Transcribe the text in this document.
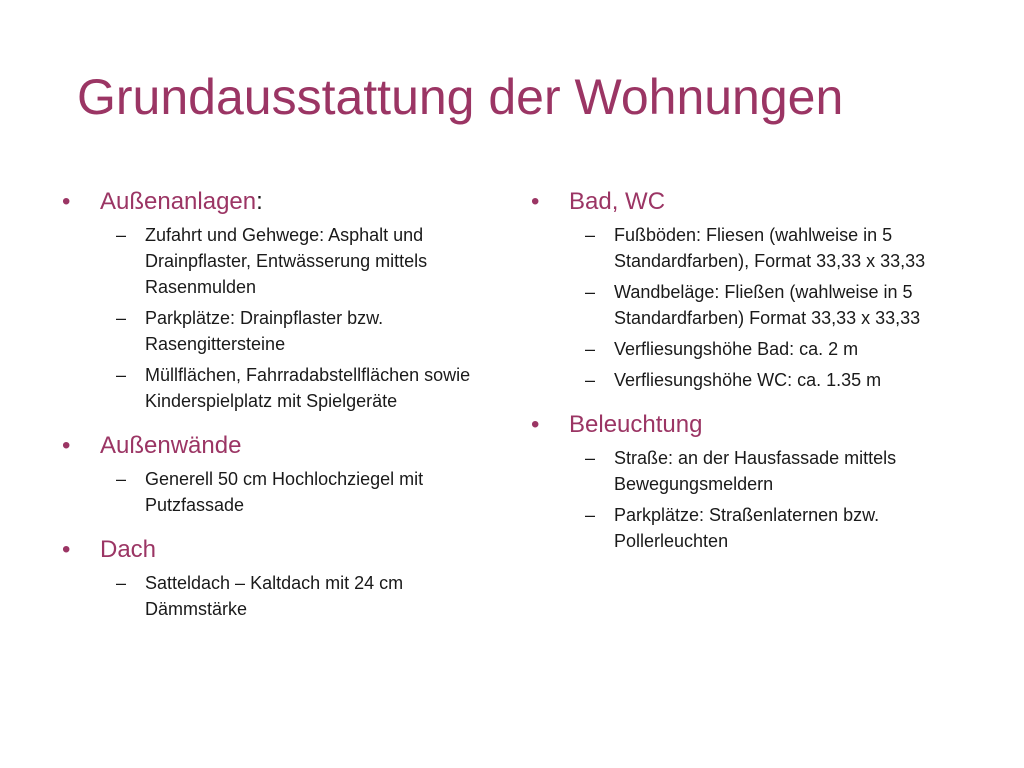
Grundausstattung der Wohnungen
• Außenanlagen:
– Zufahrt und Gehwege: Asphalt und Drainpflaster, Entwässerung mittels Rasenmulden
– Parkplätze: Drainpflaster bzw. Rasengittersteine
– Müllflächen, Fahrradabstellflächen sowie Kinderspielplatz mit Spielgeräte
• Außenwände
– Generell 50 cm Hochlochziegel mit Putzfassade
• Dach
– Satteldach – Kaltdach mit 24 cm Dämmstärke
• Bad, WC
– Fußböden: Fliesen (wahlweise in 5 Standardfarben), Format 33,33 x 33,33
– Wandbeläge: Fließen (wahlweise in 5 Standardfarben) Format 33,33 x 33,33
– Verfliesungshöhe Bad: ca. 2 m
– Verfliesungshöhe WC: ca. 1.35 m
• Beleuchtung
– Straße: an der Hausfassade mittels Bewegungsmeldern
– Parkplätze: Straßenlaternen bzw. Pollerleuchten
